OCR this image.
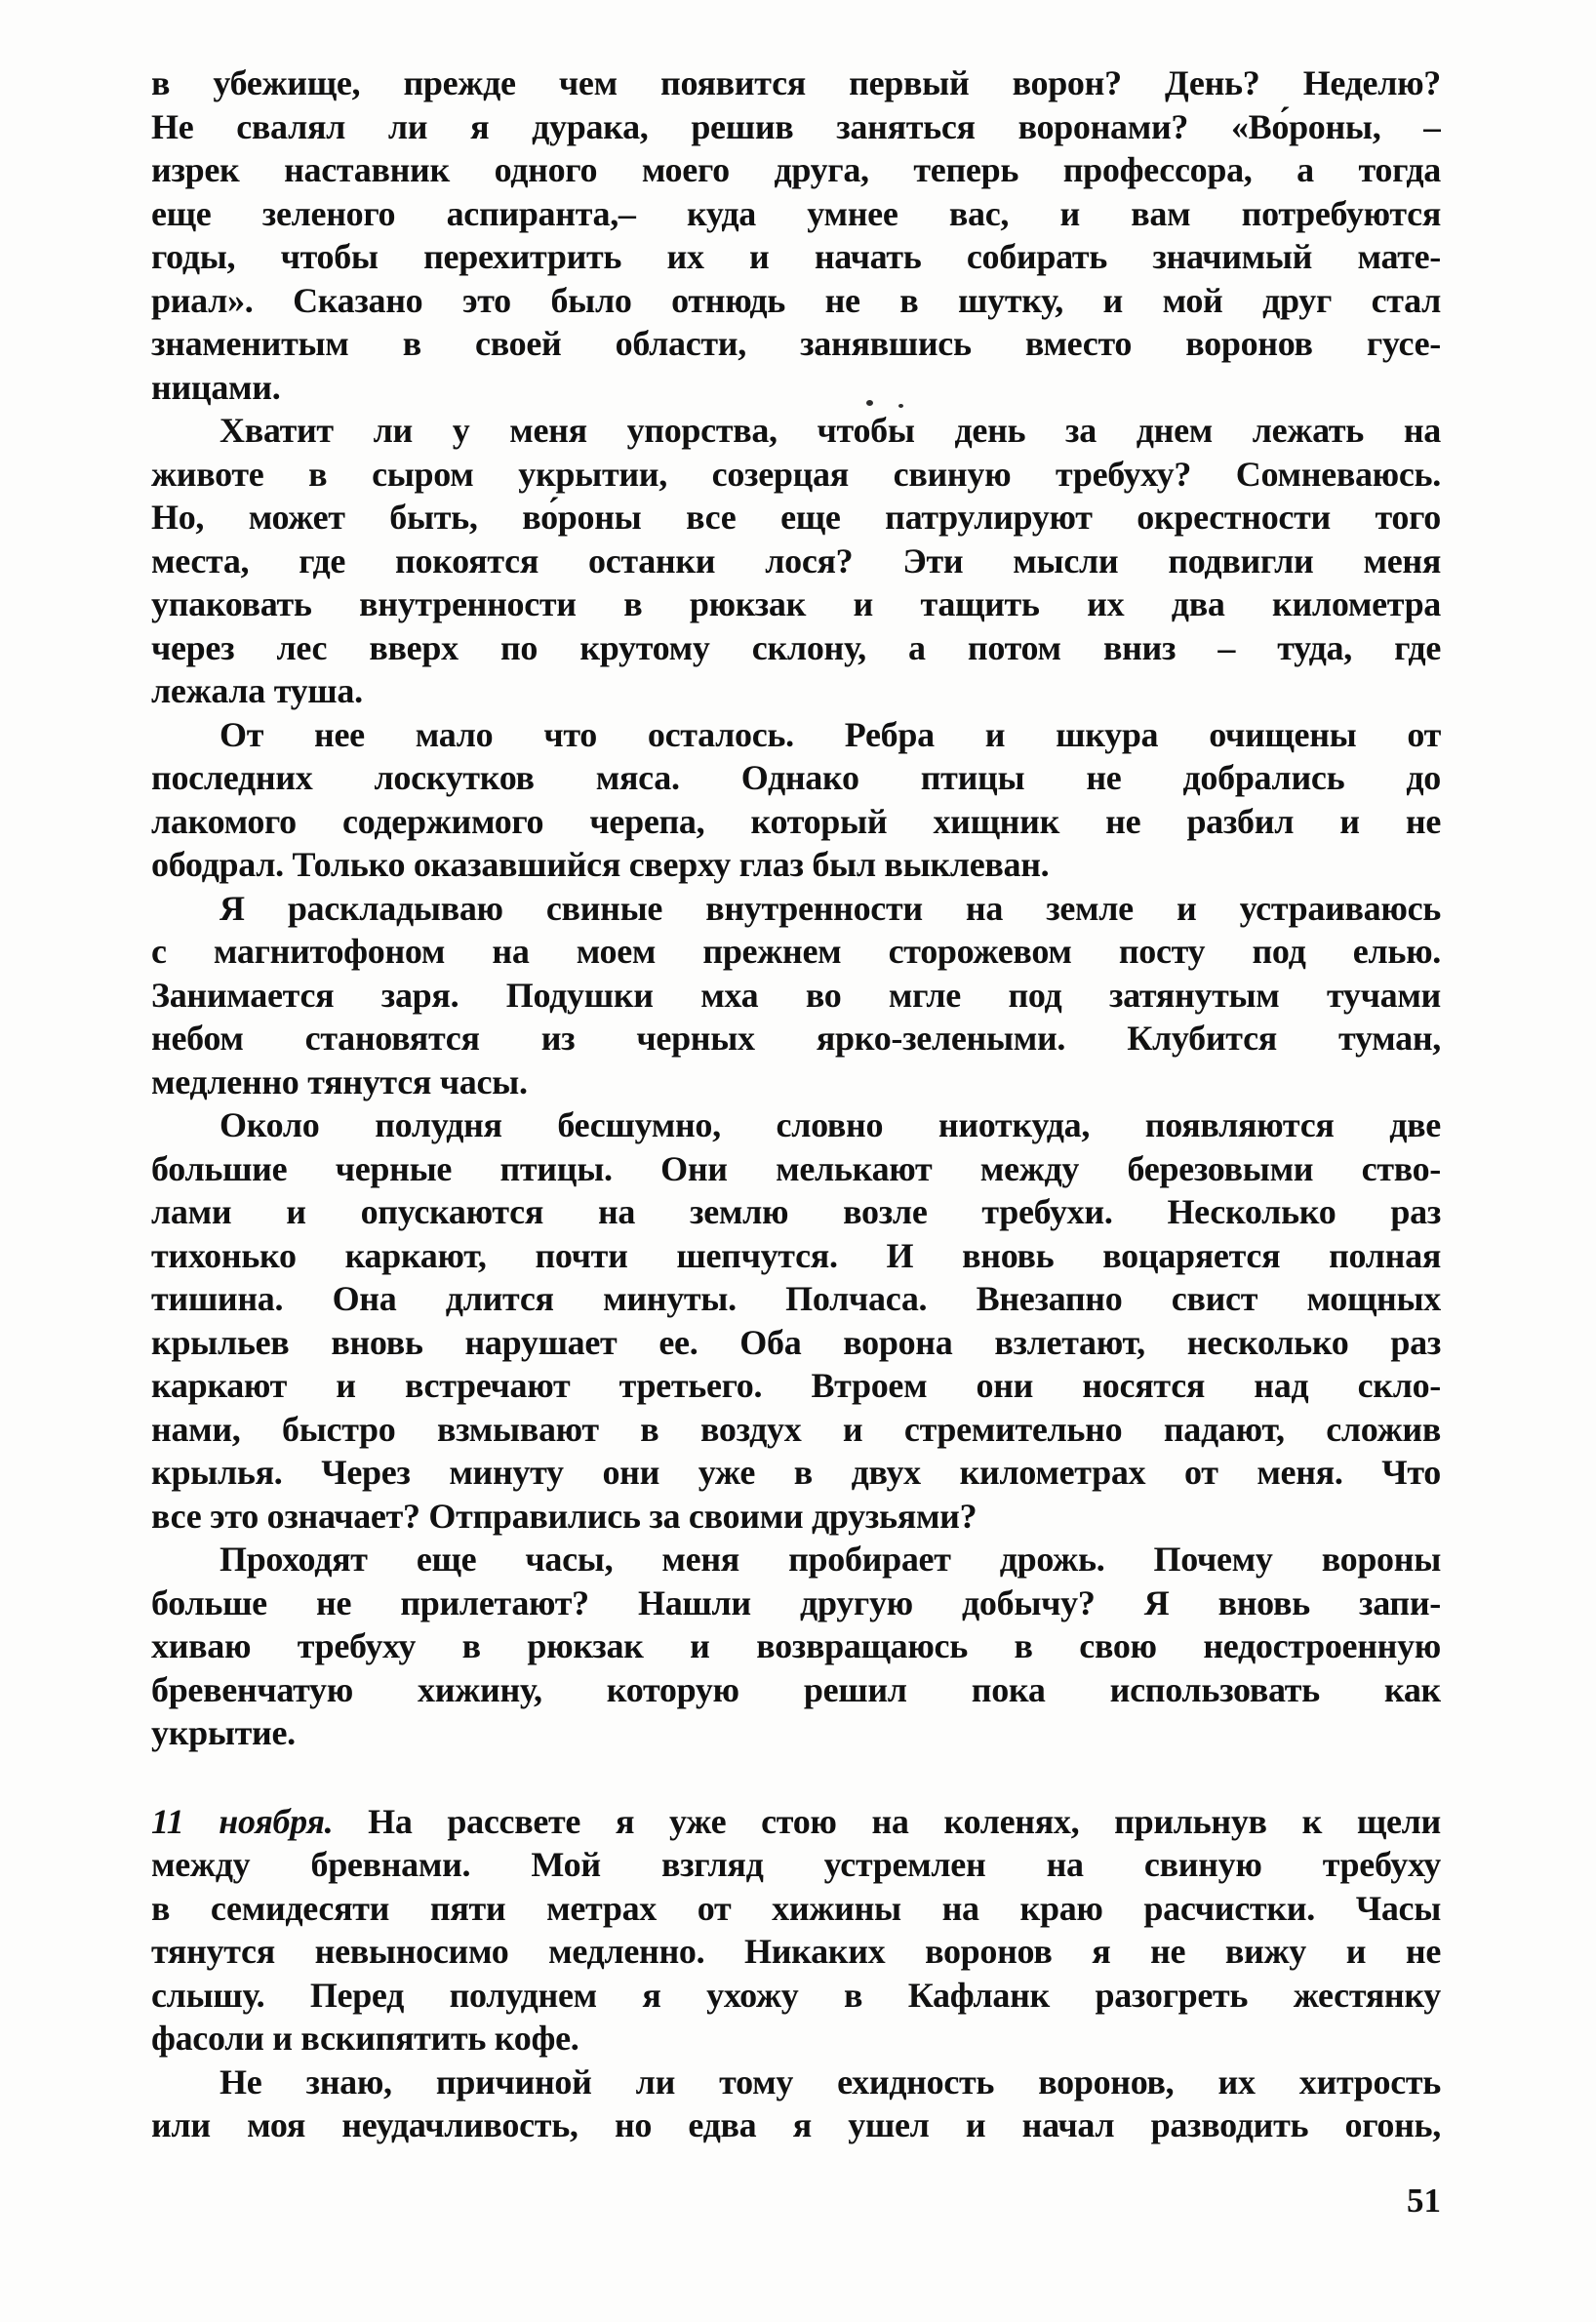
в убежище, прежде чем появится первый ворон? День? Неделю?
Не свалял ли я дурака, решив заняться воронами? «Во́роны, –
изрек наставник одного моего друга, теперь профессора, а тогда
еще зеленого аспиранта,– куда умнее вас, и вам потребуются
годы, чтобы перехитрить их и начать собирать значимый мате-
риал». Сказано это было отнюдь не в шутку, и мой друг стал
знаменитым в своей области, занявшись вместо воронов гусе-
ницами.

Хватит ли у меня упорства, чтобы день за днем лежать на
животе в сыром укрытии, созерцая свиную требуху? Сомневаюсь.
Но, может быть, во́роны все еще патрулируют окрестности того
места, где покоятся останки лося? Эти мысли подвигли меня
упаковать внутренности в рюкзак и тащить их два километра
через лес вверх по крутому склону, а потом вниз – туда, где
лежала туша.

От нее мало что осталось. Ребра и шкура очищены от
последних лоскутков мяса. Однако птицы не добрались до
лакомого содержимого черепа, который хищник не разбил и не
ободрал. Только оказавшийся сверху глаз был выклеван.

Я раскладываю свиные внутренности на земле и устраиваюсь
с магнитофоном на моем прежнем сторожевом посту под елью.
Занимается заря. Подушки мха во мгле под затянутым тучами
небом становятся из черных ярко-зелеными. Клубится туман,
медленно тянутся часы.

Около полудня бесшумно, словно ниоткуда, появляются две
большие черные птицы. Они мелькают между березовыми ство-
лами и опускаются на землю возле требухи. Несколько раз
тихонько каркают, почти шепчутся. И вновь воцаряется полная
тишина. Она длится минуты. Полчаса. Внезапно свист мощных
крыльев вновь нарушает ее. Оба ворона взлетают, несколько раз
каркают и встречают третьего. Втроем они носятся над скло-
нами, быстро взмывают в воздух и стремительно падают, сложив
крылья. Через минуту они уже в двух километрах от меня. Что
все это означает? Отправились за своими друзьями?

Проходят еще часы, меня пробирает дрожь. Почему вороны
больше не прилетают? Нашли другую добычу? Я вновь запи-
хиваю требуху в рюкзак и возвращаюсь в свою недостроенную
бревенчатую хижину, которую решил пока использовать как
укрытие.

11 ноября. На рассвете я уже стою на коленях, прильнув к щели
между бревнами. Мой взгляд устремлен на свиную требуху
в семидесяти пяти метрах от хижины на краю расчистки. Часы
тянутся невыносимо медленно. Никаких воронов я не вижу и не
слышу. Перед полуднем я ухожу в Кафланк разогреть жестянку
фасоли и вскипятить кофе.

Не знаю, причиной ли тому ехидность воронов, их хитрость
или моя неудачливость, но едва я ушел и начал разводить огонь,

51
